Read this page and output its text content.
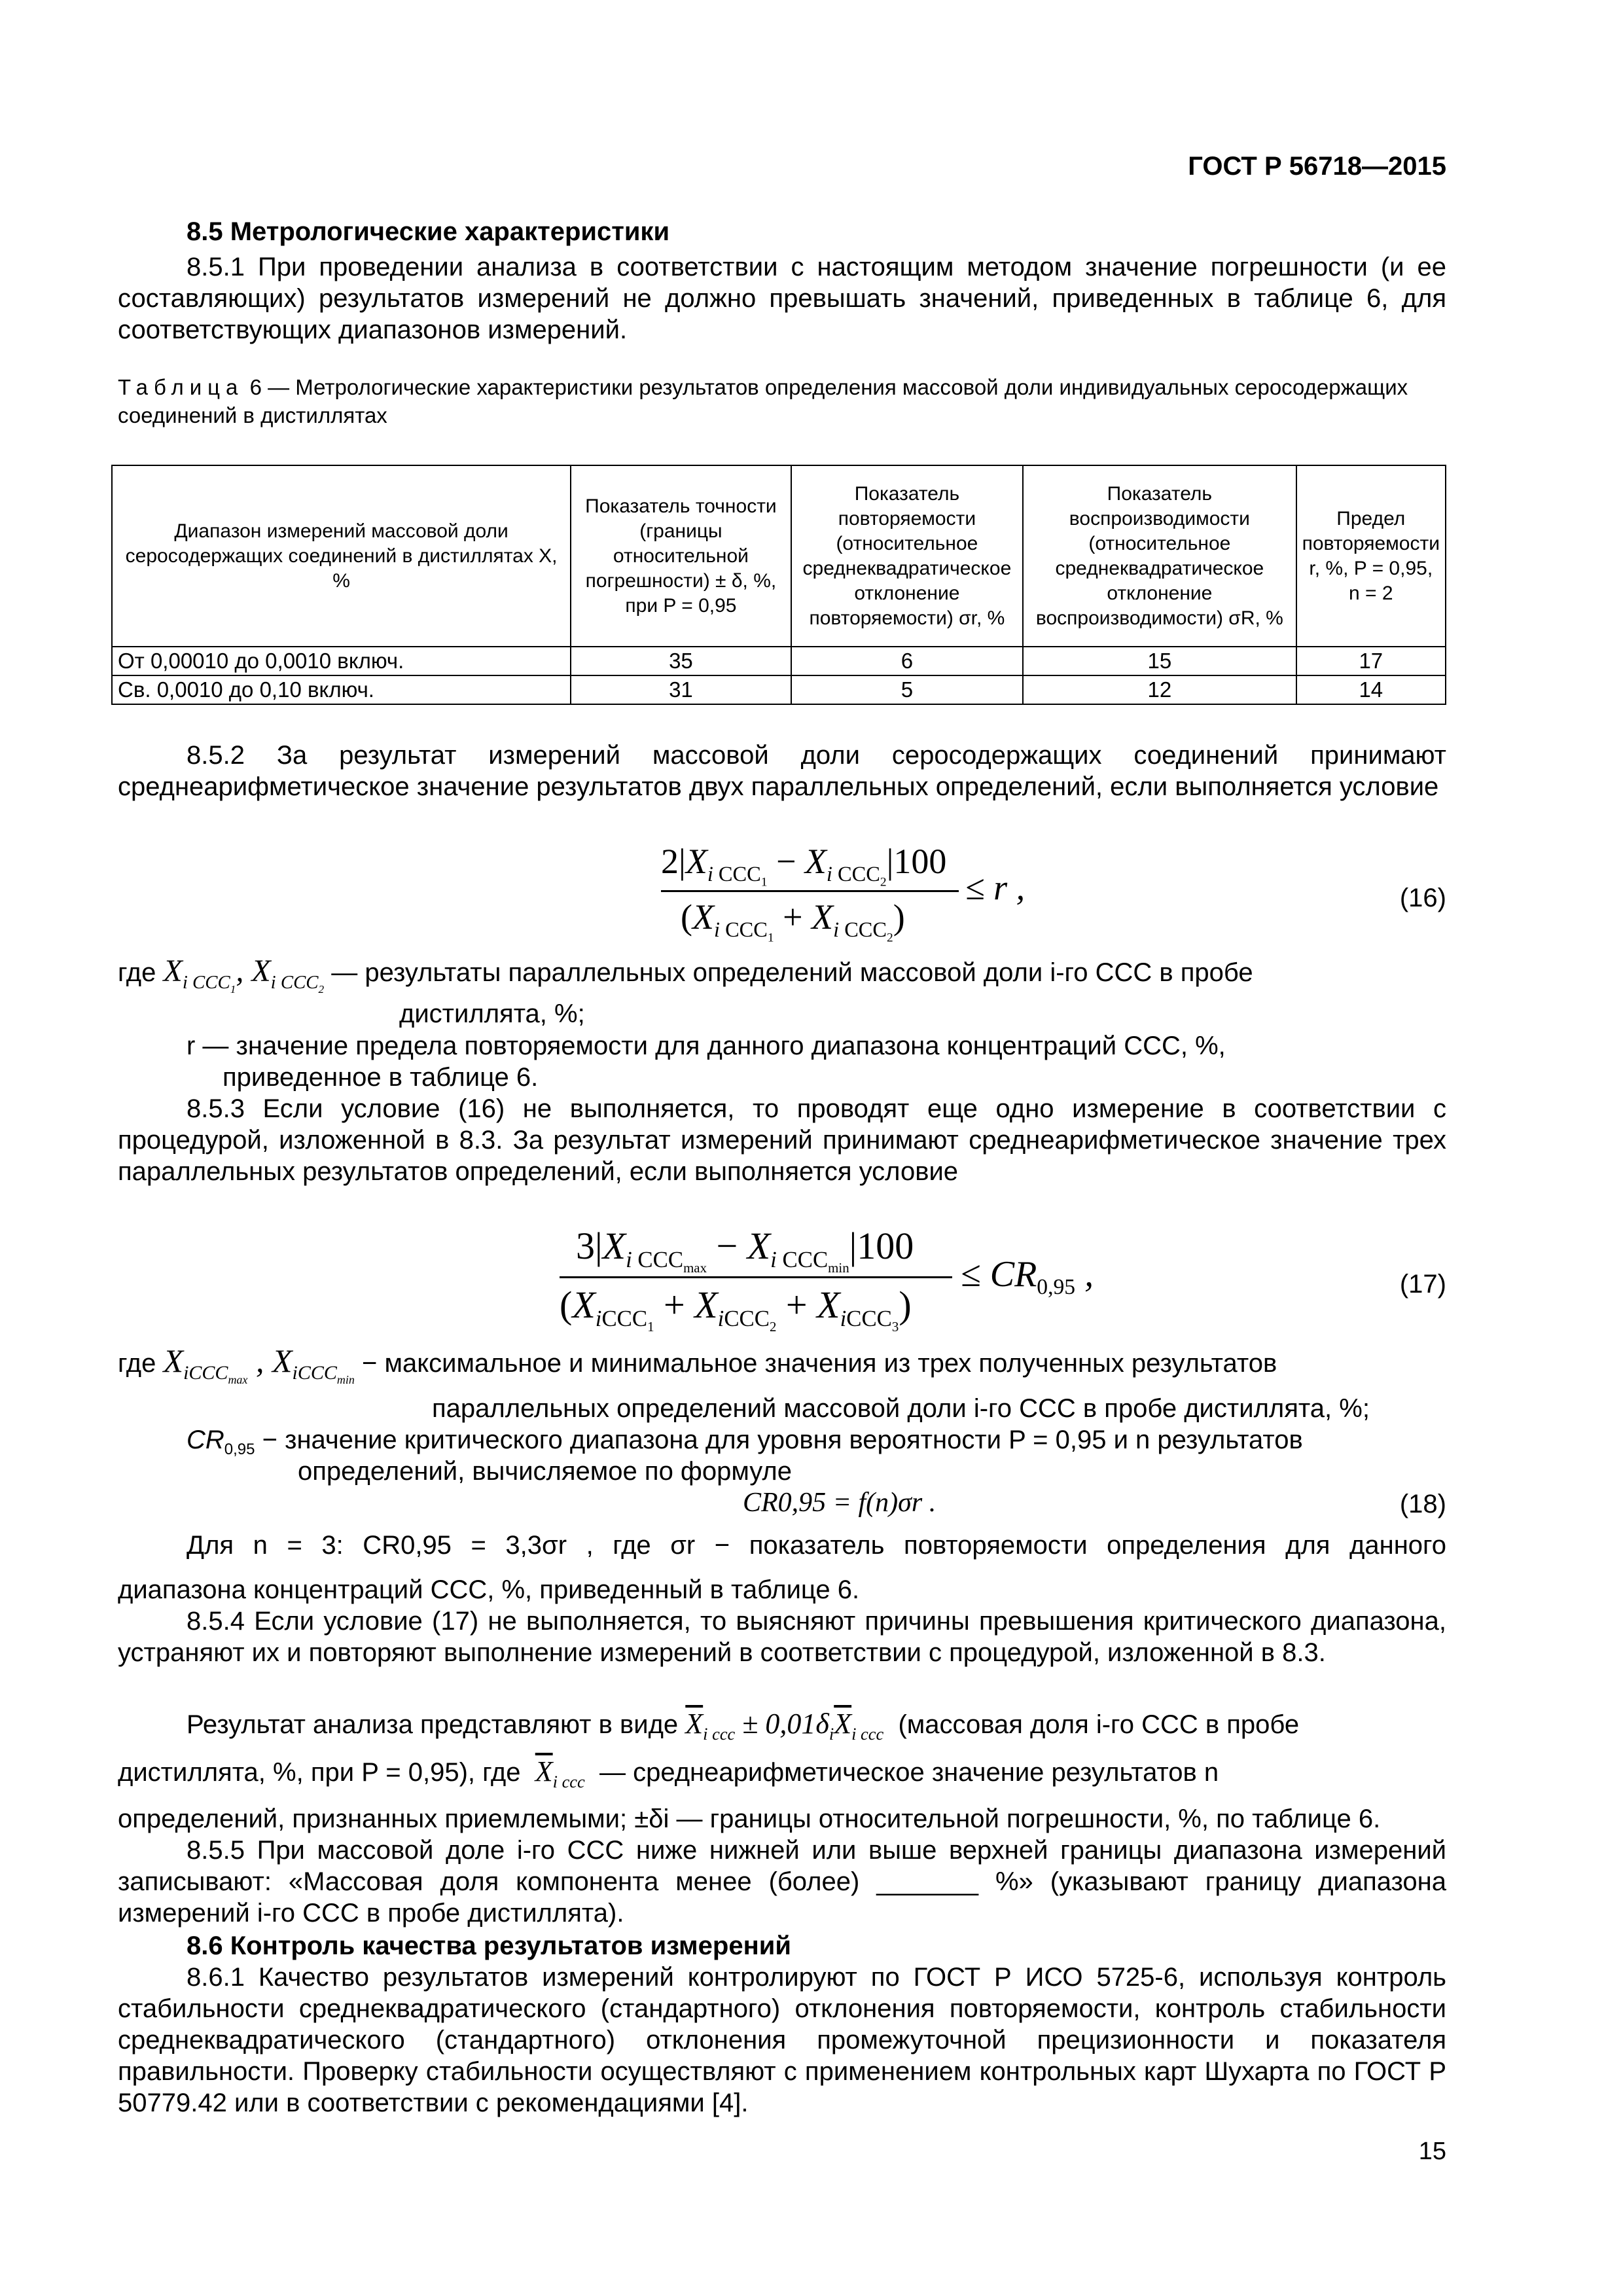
ГОСТ Р 56718—2015
8.5 Метрологические характеристики
8.5.1 При проведении анализа в соответствии с настоящим методом значение погрешности (и ее составляющих) результатов измерений не должно превышать значений, приведенных в таблице 6, для соответствующих диапазонов измерений.
Таблица 6 — Метрологические характеристики результатов определения массовой доли индивидуальных серосодержащих соединений в дистиллятах
Диапазон измерений массовой доли серосодержащих соединений в дистиллятах X, %	Показатель точности (границы относительной погрешности) ± δ, %, при P = 0,95	Показатель повторяемости (относительное среднеквадратическое отклонение повторяемости) σr, %	Показатель воспроизводимости (относительное среднеквадратическое отклонение воспроизводимости) σR, %	Предел повторяемости r, %, P = 0,95, n = 2
От 0,00010 до 0,0010 включ.	35	6	15	17
Св. 0,0010 до 0,10 включ.	31	5	12	14
8.5.2 За результат измерений массовой доли серосодержащих соединений принимают среднеарифметическое значение результатов двух параллельных определений, если выполняется условие
$2|X_{i CCC_1} - X_{i CCC_2}|100$
$(X_{i CCC_1} + X_{i CCC_2})$
≤ r ,	(16)
где $X_{i CCC_1}$, $X_{i CCC_2}$ — результаты параллельных определений массовой доли i-го ССС в пробе
дистиллята, %;
r — значение предела повторяемости для данного диапазона концентраций ССС, %,
приведенное в таблице 6.
8.5.3 Если условие (16) не выполняется, то проводят еще одно измерение в соответствии с процедурой, изложенной в 8.3. За результат измерений принимают среднеарифметическое значение трех параллельных результатов определений, если выполняется условие
$3|X_{i CCC_{max}} - X_{i CCC_{min}}|100$
$(X_{iCCC_1} + X_{iCCC_2} + X_{iCCC_3})$
≤ $CR_{0,95}$ ,	(17)
где $X_{iCCC_{max}}$ , $X_{iCCC_{min}}$ − максимальное и минимальное значения из трех полученных результатов
параллельных определений массовой доли i-го ССС в пробе дистиллята, %;
$CR_{0,95}$ − значение критического диапазона для уровня вероятности P = 0,95 и n результатов
определений, вычисляемое по формуле
CR0,95 = f(n)σr .	(18)
Для n = 3: CR0,95 = 3,3σr , где σr − показатель повторяемости определения для данного
диапазона концентраций ССС, %, приведенный в таблице 6.
8.5.4 Если условие (17) не выполняется, то выясняют причины превышения критического диапазона, устраняют их и повторяют выполнение измерений в соответствии с процедурой, изложенной в 8.3.
Результат анализа представляют в виде $\overline{X}_{i ccc} \pm 0,01\delta_i\overline{X}_{i ccc}$ (массовая доля i-го ССС в пробе
дистиллята, %, при P = 0,95), где $\overline{X}_{i ccc}$ — среднеарифметическое значение результатов n
определений, признанных приемлемыми; ±δi — границы относительной погрешности, %, по таблице 6.
8.5.5 При массовой доле i-го ССС ниже нижней или выше верхней границы диапазона измерений записывают: «Массовая доля компонента менее (более) _______ %» (указывают границу диапазона измерений i-го ССС в пробе дистиллята).
8.6 Контроль качества результатов измерений
8.6.1 Качество результатов измерений контролируют по ГОСТ Р ИСО 5725-6, используя контроль стабильности среднеквадратического (стандартного) отклонения повторяемости, контроль стабильности среднеквадратического (стандартного) отклонения промежуточной прецизионности и показателя правильности. Проверку стабильности осуществляют с применением контрольных карт Шухарта по ГОСТ Р 50779.42 или в соответствии с рекомендациями [4].
15
